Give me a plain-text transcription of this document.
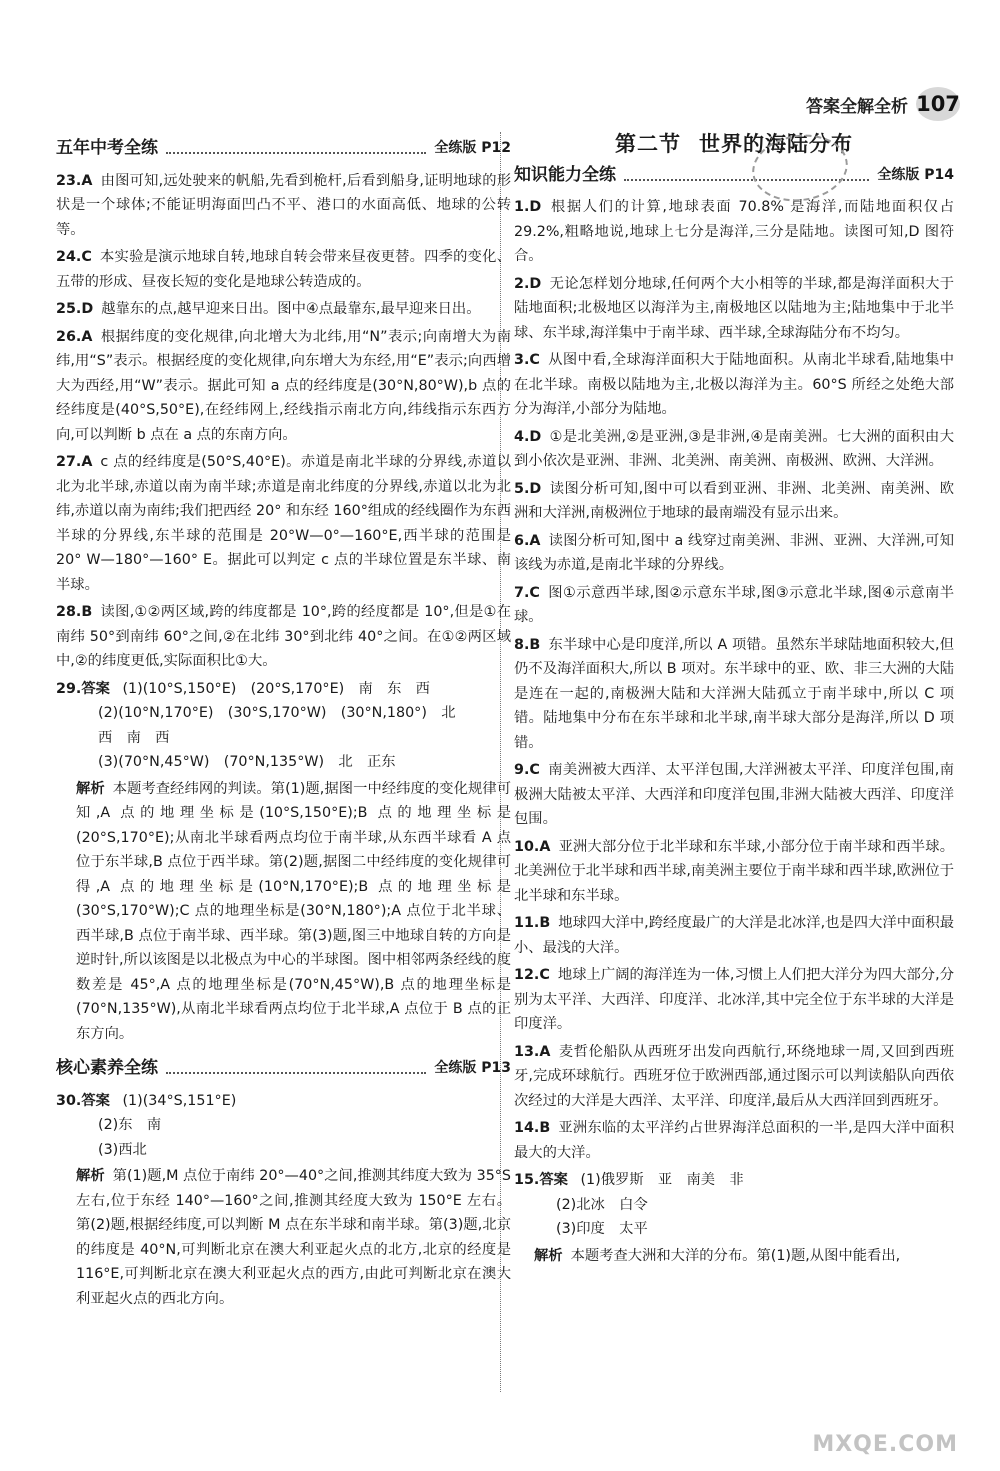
答案全解全析 107
五年中考全练	全练版 P12
23.A 由图可知,远处驶来的帆船,先看到桅杆,后看到船身,证明地球的形状是一个球体;不能证明海面凹凸不平、港口的水面高低、地球的公转等。
24.C 本实验是演示地球自转,地球自转会带来昼夜更替。四季的变化、五带的形成、昼夜长短的变化是地球公转造成的。
25.D 越靠东的点,越早迎来日出。图中④点最靠东,最早迎来日出。
26.A 根据纬度的变化规律,向北增大为北纬,用“N”表示;向南增大为南纬,用“S”表示。根据经度的变化规律,向东增大为东经,用“E”表示;向西增大为西经,用“W”表示。据此可知 a 点的经纬度是(30°N,80°W),b 点的经纬度是(40°S,50°E),在经纬网上,经线指示南北方向,纬线指示东西方向,可以判断 b 点在 a 点的东南方向。
27.A c 点的经纬度是(50°S,40°E)。赤道是南北半球的分界线,赤道以北为北半球,赤道以南为南半球;赤道是南北纬度的分界线,赤道以北为北纬,赤道以南为南纬;我们把西经 20° 和东经 160°组成的经线圈作为东西半球的分界线,东半球的范围是 20°W—0°—160°E,西半球的范围是 20° W—180°—160° E。据此可以判定 c 点的半球位置是东半球、南半球。
28.B 读图,①②两区域,跨的纬度都是 10°,跨的经度都是 10°,但是①在南纬 50°到南纬 60°之间,②在北纬 30°到北纬 40°之间。在①②两区域中,②的纬度更低,实际面积比①大。
29.答案 (1)(10°S,150°E)　(20°S,170°E)　南　东　西
(2)(10°N,170°E)　(30°S,170°W)　(30°N,180°)　北
西　南　西
(3)(70°N,45°W)　(70°N,135°W)　北　正东
解析 本题考查经纬网的判读。第(1)题,据图一中经纬度的变化规律可知,A 点的地理坐标是(10°S,150°E);B 点的地理坐标是(20°S,170°E);从南北半球看两点均位于南半球,从东西半球看 A 点位于东半球,B 点位于西半球。第(2)题,据图二中经纬度的变化规律可得,A 点的地理坐标是(10°N,170°E);B 点的地理坐标是(30°S,170°W);C 点的地理坐标是(30°N,180°);A 点位于北半球、西半球,B 点位于南半球、西半球。第(3)题,图三中地球自转的方向是逆时针,所以该图是以北极点为中心的半球图。图中相邻两条经线的度数差是 45°,A 点的地理坐标是(70°N,45°W),B 点的地理坐标是(70°N,135°W),从南北半球看两点均位于北半球,A 点位于 B 点的正东方向。
核心素养全练	全练版 P13
30.答案 (1)(34°S,151°E)
(2)东　南
(3)西北
解析 第(1)题,M 点位于南纬 20°—40°之间,推测其纬度大致为 35°S 左右,位于东经 140°—160°之间,推测其经度大致为 150°E 左右。第(2)题,根据经纬度,可以判断 M 点在东半球和南半球。第(3)题,北京的纬度是 40°N,可判断北京在澳大利亚起火点的北方,北京的经度是 116°E,可判断北京在澳大利亚起火点的西方,由此可判断北京在澳大利亚起火点的西北方向。
第二节 世界的海陆分布
知识能力全练	全练版 P14
1.D 根据人们的计算,地球表面 70.8% 是海洋,而陆地面积仅占 29.2%,粗略地说,地球上七分是海洋,三分是陆地。读图可知,D 图符合。
2.D 无论怎样划分地球,任何两个大小相等的半球,都是海洋面积大于陆地面积;北极地区以海洋为主,南极地区以陆地为主;陆地集中于北半球、东半球,海洋集中于南半球、西半球,全球海陆分布不均匀。
3.C 从图中看,全球海洋面积大于陆地面积。从南北半球看,陆地集中在北半球。南极以陆地为主,北极以海洋为主。60°S 所经之处绝大部分为海洋,小部分为陆地。
4.D ①是北美洲,②是亚洲,③是非洲,④是南美洲。七大洲的面积由大到小依次是亚洲、非洲、北美洲、南美洲、南极洲、欧洲、大洋洲。
5.D 读图分析可知,图中可以看到亚洲、非洲、北美洲、南美洲、欧洲和大洋洲,南极洲位于地球的最南端没有显示出来。
6.A 读图分析可知,图中 a 线穿过南美洲、非洲、亚洲、大洋洲,可知该线为赤道,是南北半球的分界线。
7.C 图①示意西半球,图②示意东半球,图③示意北半球,图④示意南半球。
8.B 东半球中心是印度洋,所以 A 项错。虽然东半球陆地面积较大,但仍不及海洋面积大,所以 B 项对。东半球中的亚、欧、非三大洲的大陆是连在一起的,南极洲大陆和大洋洲大陆孤立于南半球中,所以 C 项错。陆地集中分布在东半球和北半球,南半球大部分是海洋,所以 D 项错。
9.C 南美洲被大西洋、太平洋包围,大洋洲被太平洋、印度洋包围,南极洲大陆被太平洋、大西洋和印度洋包围,非洲大陆被大西洋、印度洋包围。
10.A 亚洲大部分位于北半球和东半球,小部分位于南半球和西半球。北美洲位于北半球和西半球,南美洲主要位于南半球和西半球,欧洲位于北半球和东半球。
11.B 地球四大洋中,跨经度最广的大洋是北冰洋,也是四大洋中面积最小、最浅的大洋。
12.C 地球上广阔的海洋连为一体,习惯上人们把大洋分为四大部分,分别为太平洋、大西洋、印度洋、北冰洋,其中完全位于东半球的大洋是印度洋。
13.A 麦哲伦船队从西班牙出发向西航行,环绕地球一周,又回到西班牙,完成环球航行。西班牙位于欧洲西部,通过图示可以判读船队向西依次经过的大洋是大西洋、太平洋、印度洋,最后从大西洋回到西班牙。
14.B 亚洲东临的太平洋约占世界海洋总面积的一半,是四大洋中面积最大的大洋。
15.答案 (1)俄罗斯　亚　南美　非
(2)北冰　白令
(3)印度　太平
解析 本题考查大洲和大洋的分布。第(1)题,从图中能看出,
MXQE.COM
